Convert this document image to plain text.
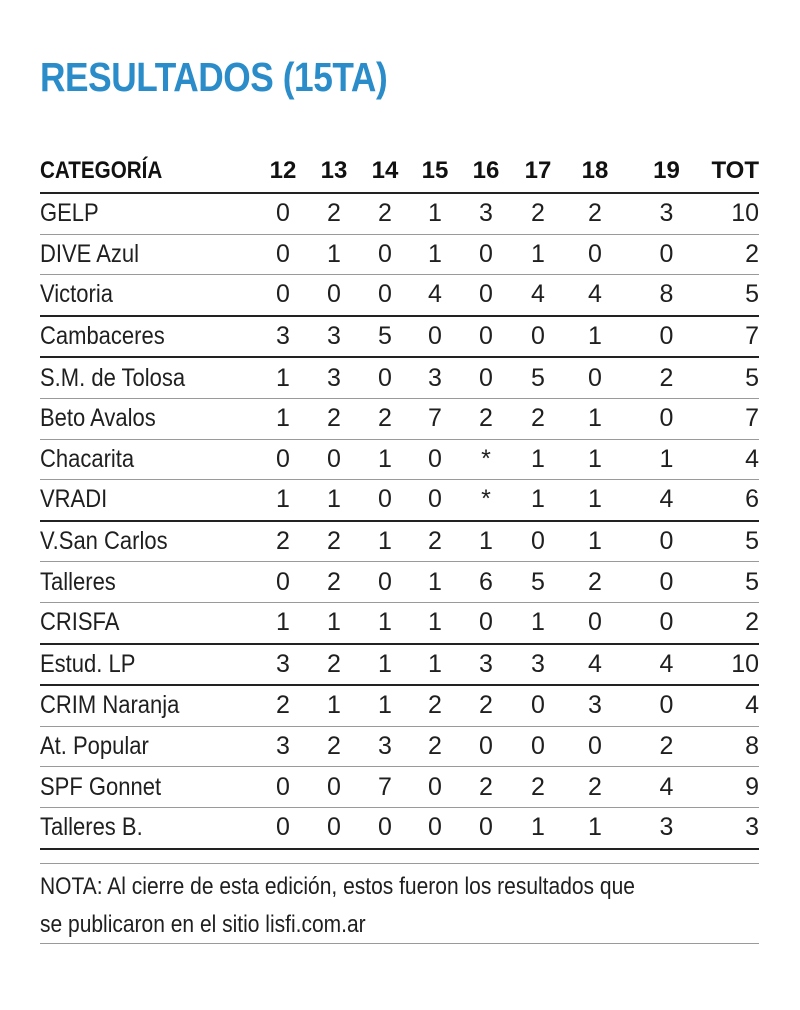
RESULTADOS (15TA)
CATEGORÍA	12	13	14	15	16	17	18	19	TOT
GELP	0	2	2	1	3	2	2	3	10
DIVE Azul	0	1	0	1	0	1	0	0	2
Victoria	0	0	0	4	0	4	4	8	5
Cambaceres	3	3	5	0	0	0	1	0	7
S.M. de Tolosa	1	3	0	3	0	5	0	2	5
Beto Avalos	1	2	2	7	2	2	1	0	7
Chacarita	0	0	1	0	*	1	1	1	4
VRADI	1	1	0	0	*	1	1	4	6
V.San Carlos	2	2	1	2	1	0	1	0	5
Talleres	0	2	0	1	6	5	2	0	5
CRISFA	1	1	1	1	0	1	0	0	2
Estud. LP	3	2	1	1	3	3	4	4	10
CRIM Naranja	2	1	1	2	2	0	3	0	4
At. Popular	3	2	3	2	0	0	0	2	8
SPF Gonnet	0	0	7	0	2	2	2	4	9
Talleres B.	0	0	0	0	0	1	1	3	3
NOTA: Al cierre de esta edición, estos fueron los resultados que
se publicaron en el sitio lisfi.com.ar
